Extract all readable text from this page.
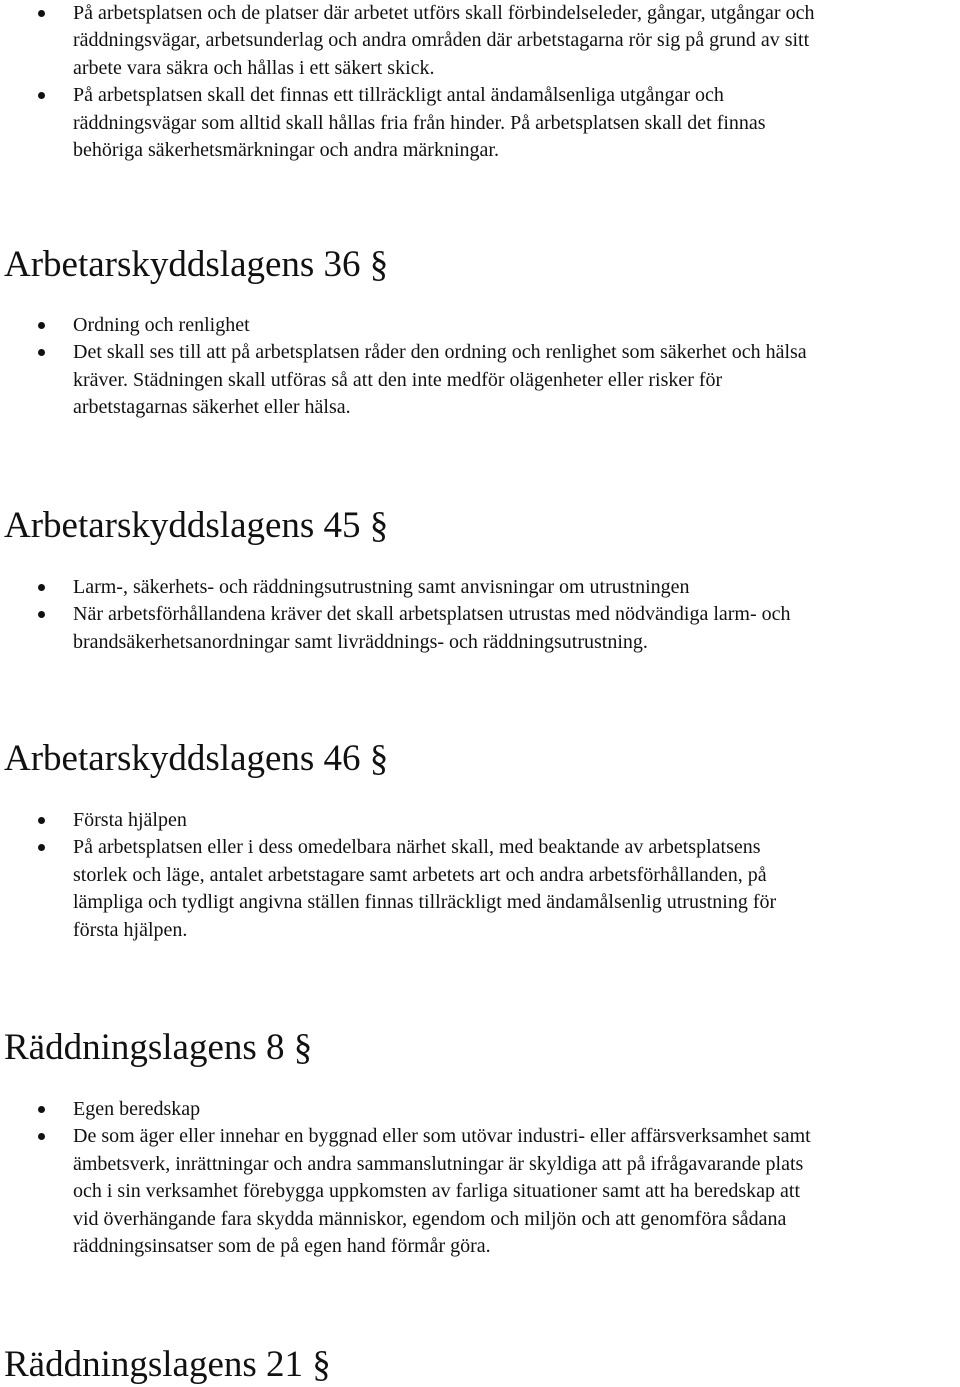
På arbetsplatsen och de platser där arbetet utförs skall förbindelseleder, gångar, utgångar och
räddningsvägar, arbetsunderlag och andra områden där arbetstagarna rör sig på grund av sitt
arbete vara säkra och hållas i ett säkert skick.
På arbetsplatsen skall det finnas ett tillräckligt antal ändamålsenliga utgångar och
räddningsvägar som alltid skall hållas fria från hinder. På arbetsplatsen skall det finnas
behöriga säkerhetsmärkningar och andra märkningar.
Arbetarskyddslagens 36 §
Ordning och renlighet
Det skall ses till att på arbetsplatsen råder den ordning och renlighet som säkerhet och hälsa
kräver. Städningen skall utföras så att den inte medför olägenheter eller risker för
arbetstagarnas säkerhet eller hälsa.
Arbetarskyddslagens 45 §
Larm-, säkerhets- och räddningsutrustning samt anvisningar om utrustningen
När arbetsförhållandena kräver det skall arbetsplatsen utrustas med nödvändiga larm- och
brandsäkerhetsanordningar samt livräddnings- och räddningsutrustning.
Arbetarskyddslagens 46 §
Första hjälpen
På arbetsplatsen eller i dess omedelbara närhet skall, med beaktande av arbetsplatsens
storlek och läge, antalet arbetstagare samt arbetets art och andra arbetsförhållanden, på
lämpliga och tydligt angivna ställen finnas tillräckligt med ändamålsenlig utrustning för
första hjälpen.
Räddningslagens 8 §
Egen beredskap
De som äger eller innehar en byggnad eller som utövar industri- eller affärsverksamhet samt
ämbetsverk, inrättningar och andra sammanslutningar är skyldiga att på ifrågavarande plats
och i sin verksamhet förebygga uppkomsten av farliga situationer samt att ha beredskap att
vid överhängande fara skydda människor, egendom och miljön och att genomföra sådana
räddningsinsatser som de på egen hand förmår göra.
Räddningslagens 21 §
